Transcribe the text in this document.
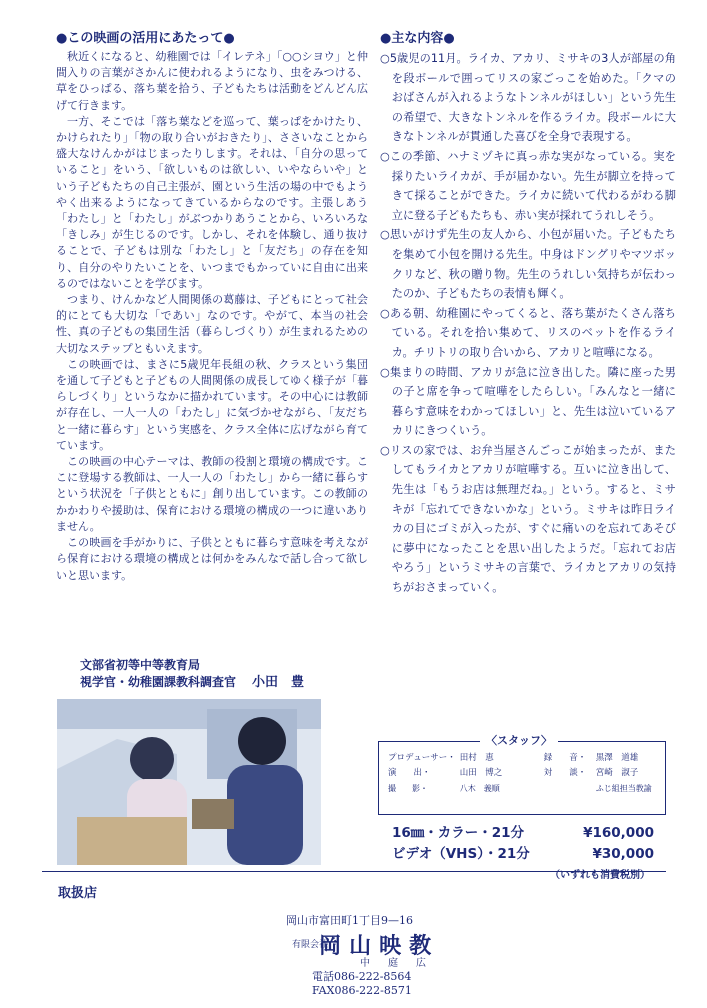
●この映画の活用にあたって●

秋近くになると、幼稚園では「イレテネ」「○○シヨウ」と仲間入りの言葉がさかんに使われるようになり、虫をみつける、草をひっぱる、落ち葉を拾う、子どもたちは活動をどんどん広げて行きます。

一方、そこでは「落ち葉などを巡って、葉っぱをかけたり、かけられたり」「物の取り合いがおきたり」、ささいなことから盛大なけんかがはじまったりします。それは、「自分の思っていること」をいう、「欲しいものは欲しい、いやならいや」という子どもたちの自己主張が、園という生活の場の中でもようやく出来るようになってきているからなのです。主張しあう「わたし」と「わたし」がぶつかりあうことから、いろいろな「きしみ」が生じるのです。しかし、それを体験し、通り抜けることで、子どもは別な「わたし」と「友だち」の存在を知り、自分のやりたいことを、いつまでもかっていに自由に出来るのではないことを学びます。

つまり、けんかなど人間関係の葛藤は、子どもにとって社会的にとても大切な「であい」なのです。やがて、本当の社会性、真の子どもの集団生活（暮らしづくり）が生まれるための大切なステップともいえます。

この映画では、まさに5歳児年長組の秋、クラスという集団を通して子どもと子どもの人間関係の成長してゆく様子が「暮らしづくり」というなかに描かれています。その中心には教師が存在し、一人一人の「わたし」に気づかせながら、「友だちと一緒に暮らす」という実感を、クラス全体に広げながら育てています。

この映画の中心テーマは、教師の役割と環境の構成です。ここに登場する教師は、一人一人の「わたし」から一緒に暮らすという状況を「子供とともに」創り出しています。この教師のかかわりや援助は、保育における環境の構成の一つに違いありません。

この映画を手がかりに、子供とともに暮らす意味を考えながら保育における環境の構成とは何かをみんなで話し合って欲しいと思います。

文部省初等中等教育局
視学官・幼稚園課教科調査官 小田　豊

●主な内容●

○5歳児の11月。ライカ、アカリ、ミサキの3人が部屋の角を段ボールで囲ってリスの家ごっこを始めた。「クマのおばさんが入れるようなトンネルがほしい」という先生の希望で、大きなトンネルを作るライカ。段ボールに大きなトンネルが貫通した喜びを全身で表現する。

○この季節、ハナミヅキに真っ赤な実がなっている。実を採りたいライカが、手が届かない。先生が脚立を持ってきて採ることができた。ライカに続いて代わるがわる脚立に登る子どもたちも、赤い実が採れてうれしそう。

○思いがけず先生の友人から、小包が届いた。子どもたちを集めて小包を開ける先生。中身はドングリやマツボックリなど、秋の贈り物。先生のうれしい気持ちが伝わったのか、子どもたちの表情も輝く。

○ある朝、幼稚園にやってくると、落ち葉がたくさん落ちている。それを拾い集めて、リスのベットを作るライカ。チリトリの取り合いから、アカリと喧嘩になる。

○集まりの時間、アカリが急に泣き出した。隣に座った男の子と席を争って喧嘩をしたらしい。「みんなと一緒に暮らす意味をわかってほしい」と、先生は泣いているアカリにきつくいう。

○リスの家では、お弁当屋さんごっこが始まったが、またしてもライカとアカリが喧嘩する。互いに泣き出して、先生は「もうお店は無理だね。」という。すると、ミサキが「忘れてできないかな」という。ミサキは昨日ライカの目にゴミが入ったが、すぐに痛いのを忘れてあそびに夢中になったことを思い出したようだ。「忘れてお店やろう」というミサキの言葉で、ライカとアカリの気持ちがおさまっていく。

〈スタッフ〉
プロデューサー・	田村　恵	録　　音・	黒澤　道雄
演　　出・	山田　博之	対　　談・	宮崎　淑子
撮　　影・	八木　義順		ふじ組担当教諭
16㎜・カラー・21分	¥160,000
ビデオ（VHS）・21分	¥30,000
（いずれも消費税別）
取扱店
岡山市富田町1丁目9—16
有限会社 岡山映教
中庭広
電話086-222-8564
FAX086-222-8571
